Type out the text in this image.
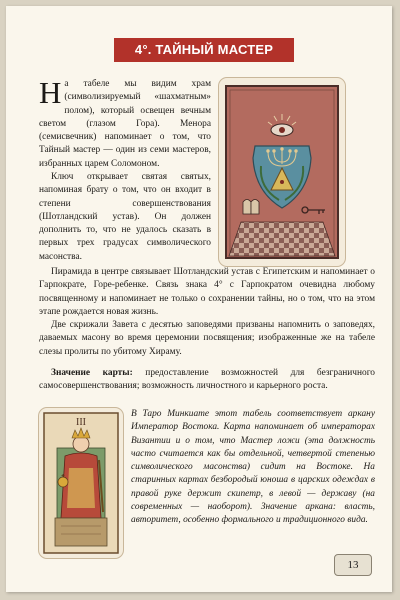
4°. ТАЙНЫЙ МАСТЕР

На табеле мы видим храм (символизируемый «шахматным» полом), который освещен вечным светом (глазом Гора). Менора (семисвечник) напоминает о том, что Тайный мастер — один из семи мастеров, избранных царем Соломоном.

Ключ открывает святая святых, напоминая брату о том, что он входит в степени совершенствования (Шотландский устав). Он должен дополнить то, что не удалось сказать в первых трех градусах символического масонства.

Пирамида в центре связывает Шотландский устав с Египетским и напоминает о Гарпократе, Горе-ребенке. Связь знака 4° с Гарпократом очевидна любому посвященному и напоминает не только о сохранении тайны, но о том, что на этом этапе рождается новая жизнь.

Две скрижали Завета с десятью заповедями призваны напомнить о заповедях, даваемых масону во время церемонии посвящения; изображенные же на табеле слезы пролиты по убитому Хираму.

Значение карты: предоставление возможностей для безграничного самосовершенствования; возможность личностного и карьерного роста.

III

В Таро Минкиате этот табель соответствует аркану Император Востока. Карта напоминает об императорах Византии и о том, что Мастер ложи (эта должность часто считается как бы отдельной, четвертой степенью символического масонства) сидит на Востоке. На старинных картах безбородый юноша в царских одеждах в правой руке держит скипетр, в левой — державу (на современных — наоборот). Значение аркана: власть, авторитет, особенно формального и традиционного вида.

13
